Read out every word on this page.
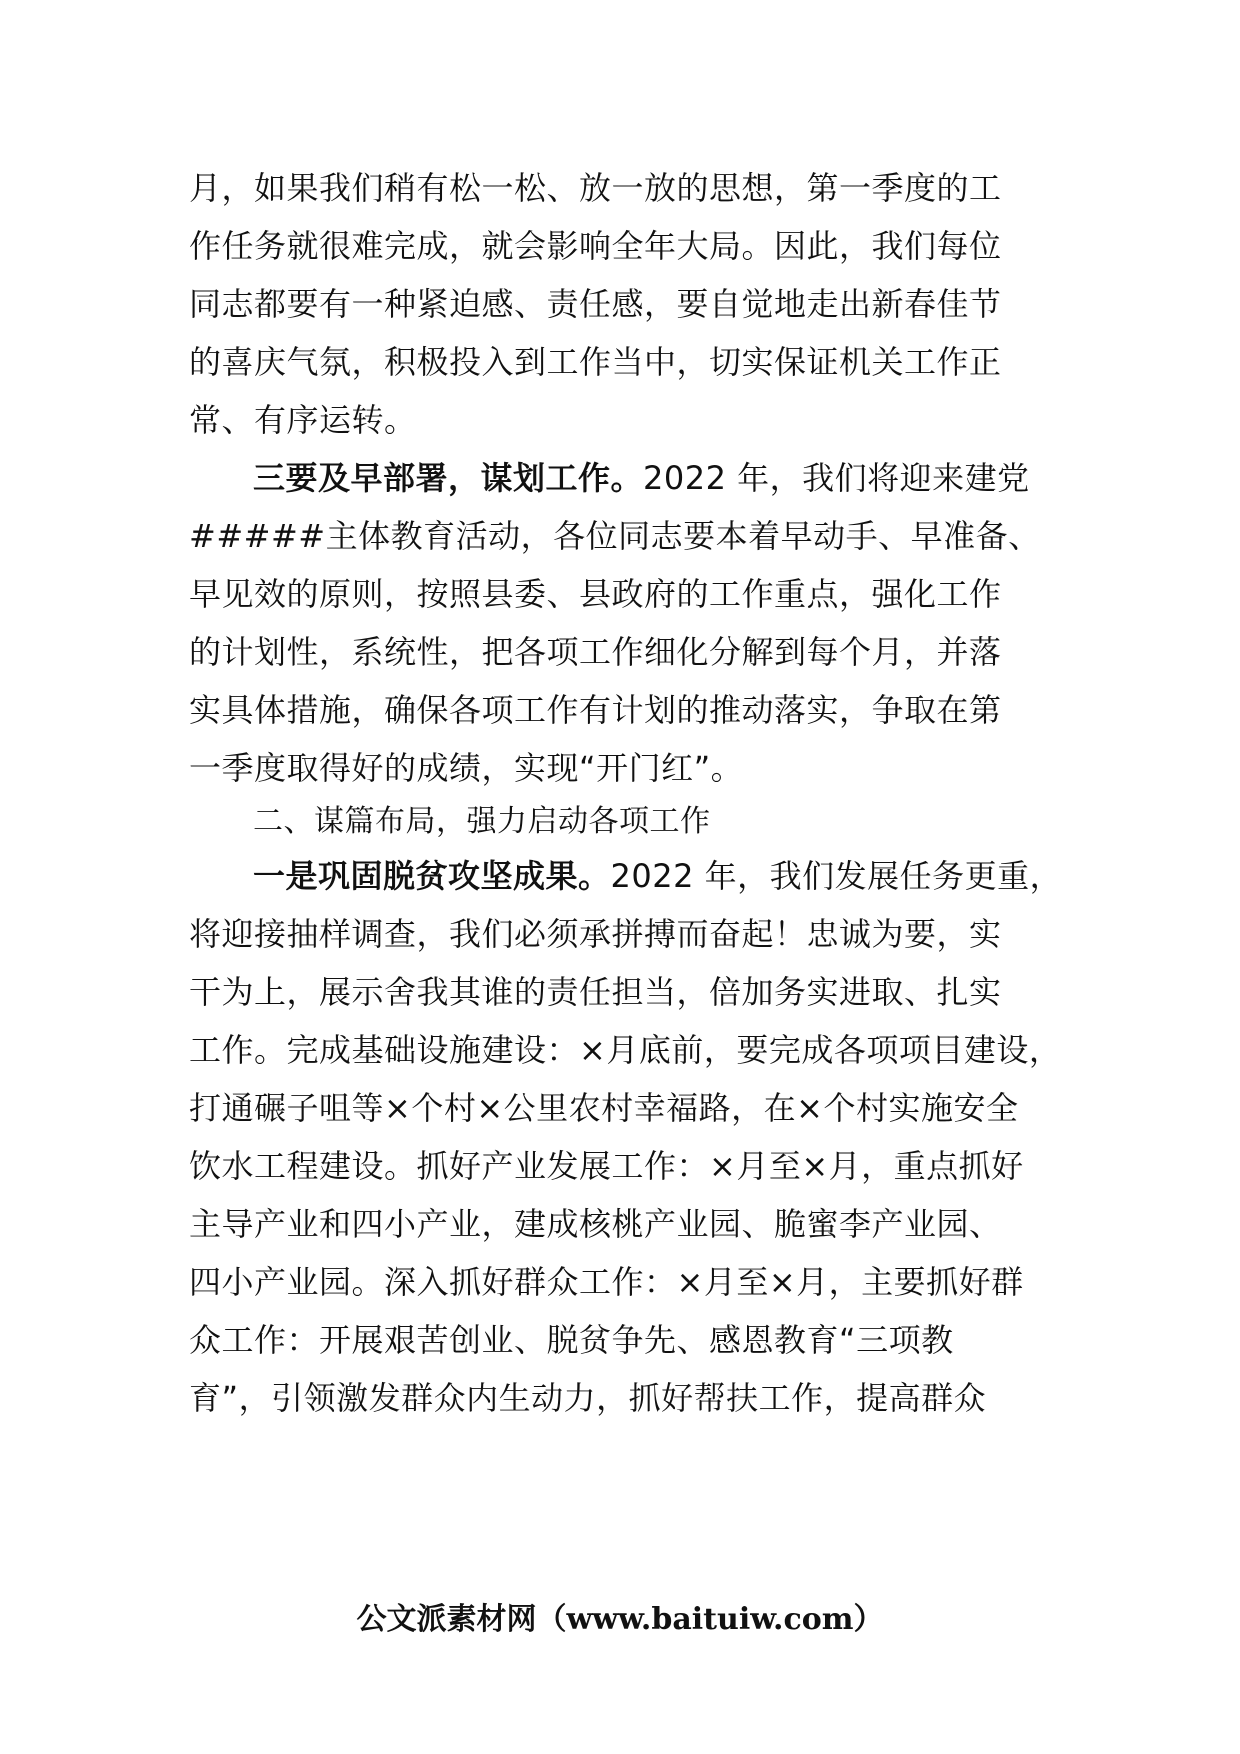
月，如果我们稍有松一松、放一放的思想，第一季度的工
作任务就很难完成，就会影响全年大局。因此，我们每位
同志都要有一种紧迫感、责任感，要自觉地走出新春佳节
的喜庆气氛，积极投入到工作当中，切实保证机关工作正
常、有序运转。
三要及早部署，谋划工作。2022 年，我们将迎来建党
#####主体教育活动，各位同志要本着早动手、早准备、
早见效的原则，按照县委、县政府的工作重点，强化工作
的计划性，系统性，把各项工作细化分解到每个月，并落
实具体措施，确保各项工作有计划的推动落实，争取在第
一季度取得好的成绩，实现“开门红”。
二、谋篇布局，强力启动各项工作
一是巩固脱贫攻坚成果。2022 年，我们发展任务更重，
将迎接抽样调查，我们必须承拼搏而奋起！忠诚为要，实
干为上，展示舍我其谁的责任担当，倍加务实进取、扎实
工作。完成基础设施建设：×月底前，要完成各项项目建设，
打通碾子咀等×个村×公里农村幸福路，在×个村实施安全
饮水工程建设。抓好产业发展工作：×月至×月，重点抓好
主导产业和四小产业，建成核桃产业园、脆蜜李产业园、
四小产业园。深入抓好群众工作：×月至×月，主要抓好群
众工作：开展艰苦创业、脱贫争先、感恩教育“三项教
育”，引领激发群众内生动力，抓好帮扶工作，提高群众
公文派素材网（www.baituiw.com）
